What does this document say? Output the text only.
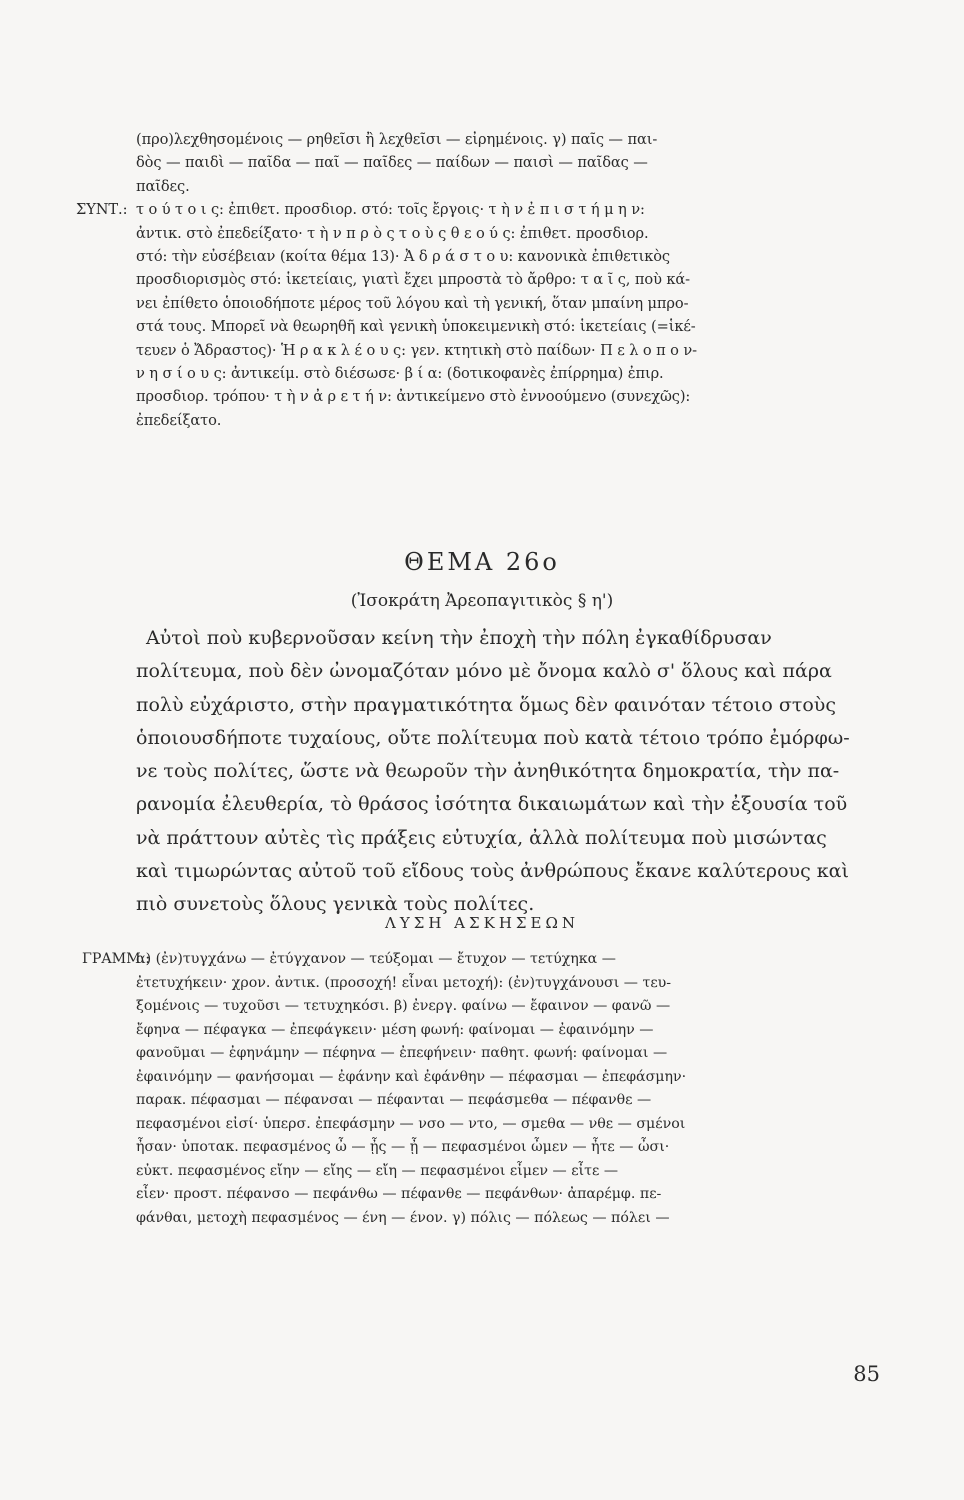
(προ)λεχθησομένοις — ρηθεῖσι ἢ λεχθεῖσι — εἰρημένοις. γ) παῖς — παι-
δὸς — παιδὶ — παῖδα — παῖ — παῖδες — παίδων — παισὶ — παῖδας —
παῖδες.
ΣΥΝΤ.: τ ο ύ τ ο ι ς: ἐπιθετ. προσδιορ. στό: τοῖς ἔργοις· τ ὴ ν ἐ π ι σ τ ή μ η ν:
ἀντικ. στὸ ἐπεδείξατο· τ ὴ ν π ρ ὸ ς τ ο ὺ ς θ ε ο ύ ς: ἐπιθετ. προσδιορ.
στό: τὴν εὐσέβειαν (κοίτα θέμα 13)· Ἀ δ ρ ά σ τ ο υ: κανονικὰ ἐπιθετικὸς
προσδιορισμὸς στό: ἱκετείαις, γιατὶ ἔχει μπροστὰ τὸ ἄρθρο: τ α ῖ ς, ποὺ κά-
νει ἐπίθετο ὁποιοδήποτε μέρος τοῦ λόγου καὶ τὴ γενική, ὅταν μπαίνη μπρο-
στά τους. Μπορεῖ νὰ θεωρηθῆ καὶ γενικὴ ὑποκειμενικὴ στό: ἱκετείαις (=ἱκέ-
τευεν ὁ Ἄδραστος)· Ἡ ρ α κ λ έ ο υ ς: γεν. κτητικὴ στὸ παίδων· Π ε λ ο π ο ν-
ν η σ ί ο υ ς: ἀντικείμ. στὸ διέσωσε· β ί α: (δοτικοφανὲς ἐπίρρημα) ἐπιρ.
προσδιορ. τρόπου· τ ὴ ν ἀ ρ ε τ ή ν: ἀντικείμενο στὸ ἐννοούμενο (συνεχῶς):
ἐπεδείξατο.
ΘΕΜΑ 26ο
(Ἰσοκράτη Ἀρεοπαγιτικὸς § η')
Αὐτοὶ ποὺ κυβερνοῦσαν κείνη τὴν ἐποχὴ τὴν πόλη ἐγκαθίδρυσαν
πολίτευμα, ποὺ δὲν ὠνομαζόταν μόνο μὲ ὄνομα καλὸ σ' ὅλους καὶ πάρα
πολὺ εὐχάριστο, στὴν πραγματικότητα ὅμως δὲν φαινόταν τέτοιο στοὺς
ὁποιουσδήποτε τυχαίους, οὔτε πολίτευμα ποὺ κατὰ τέτοιο τρόπο ἐμόρφω-
νε τοὺς πολίτες, ὥστε νὰ θεωροῦν τὴν ἀνηθικότητα δημοκρατία, τὴν πα-
ρανομία ἐλευθερία, τὸ θράσος ἰσότητα δικαιωμάτων καὶ τὴν ἐξουσία τοῦ
νὰ πράττουν αὐτὲς τὶς πράξεις εὐτυχία, ἀλλὰ πολίτευμα ποὺ μισώντας
καὶ τιμωρώντας αὐτοῦ τοῦ εἴδους τοὺς ἀνθρώπους ἔκανε καλύτερους καὶ
πιὸ συνετοὺς ὅλους γενικὰ τοὺς πολίτες.
ΛΥΣΗ ΑΣΚΗΣΕΩΝ
ΓΡΑΜΜ.:
α) (ἐν)τυγχάνω — ἐτύγχανον — τεύξομαι — ἔτυχον — τετύχηκα —
ἐτετυχήκειν· χρον. ἀντικ. (προσοχή! εἶναι μετοχή): (ἐν)τυγχάνουσι — τευ-
ξομένοις — τυχοῦσι — τετυχηκόσι. β) ἐνεργ. φαίνω — ἔφαινον — φανῶ —
ἔφηνα — πέφαγκα — ἐπεφάγκειν· μέση φωνή: φαίνομαι — ἐφαινόμην —
φανοῦμαι — ἐφηνάμην — πέφηνα — ἐπεφήνειν· παθητ. φωνή: φαίνομαι —
ἐφαινόμην — φανήσομαι — ἐφάνην καὶ ἐφάνθην — πέφασμαι — ἐπεφάσμην·
παρακ. πέφασμαι — πέφανσαι — πέφανται — πεφάσμεθα — πέφανθε —
πεφασμένοι εἰσί· ὑπερσ. ἐπεφάσμην — νσο — ντο, — σμεθα — νθε — σμένοι
ἦσαν· ὑποτακ. πεφασμένος ὦ — ᾖς — ᾖ — πεφασμένοι ὦμεν — ἦτε — ὦσι·
εὐκτ. πεφασμένος εἴην — εἴης — εἴη — πεφασμένοι εἶμεν — εἶτε —
εἶεν· προστ. πέφανσο — πεφάνθω — πέφανθε — πεφάνθων· ἀπαρέμφ. πε-
φάνθαι, μετοχὴ πεφασμένος — ένη — ένον. γ) πόλις — πόλεως — πόλει —
85
